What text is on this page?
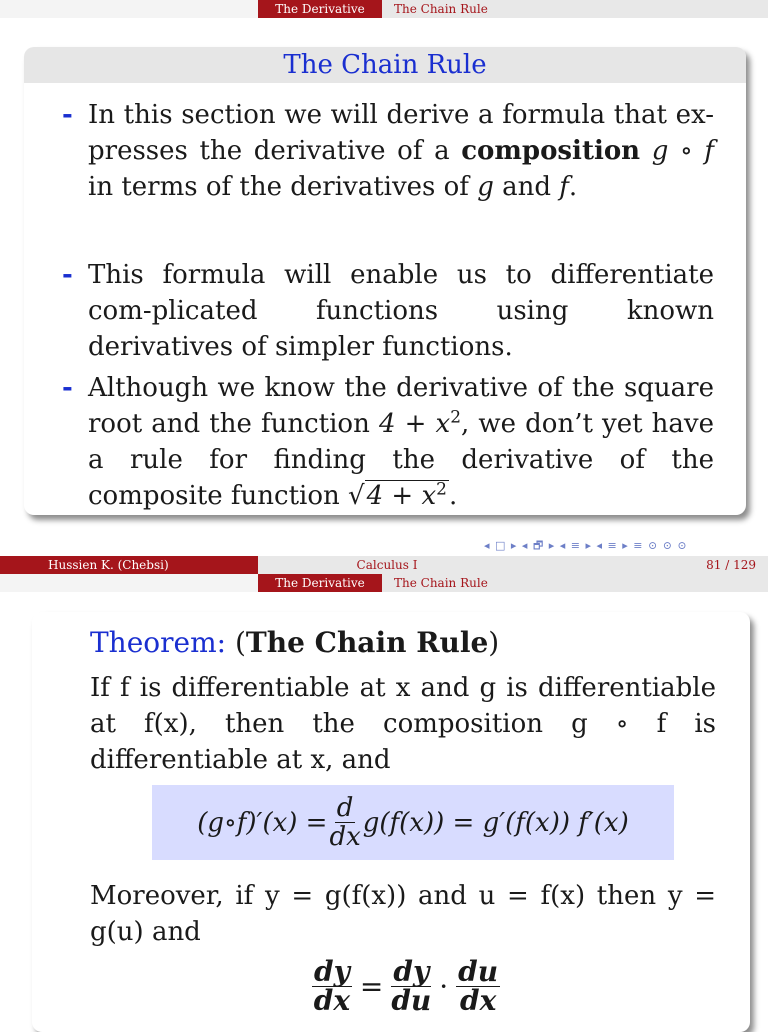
The Derivative	The Chain Rule
The Chain Rule
- In this section we will derive a formula that ex-presses the derivative of a composition g ∘ f in terms of the derivatives of g and f.
- This formula will enable us to differentiate com-plicated functions using known derivatives of simpler functions.
- Although we know the derivative of the square root and the function $4 + x^2$, we don’t yet have a rule for finding the derivative of the composite function $√4 + x^2$.
◂ □ ▸ ◂ 🗗 ▸ ◂ ≡ ▸ ◂ ≡ ▸ ≡ ⊙ ⊙ ⊙
Hussien K. (Chebsi)	Calculus I	81 / 129
The Derivative	The Chain Rule
Theorem: (The Chain Rule)
If f is differentiable at x and g is differentiable at f(x), then the composition g ∘ f is differentiable at x, and
(g∘f)′(x) = $\frac{d}{dx} g(f(x)) = g'(f(x))$ f′(x)
Moreover, if y = g(f(x)) and u = f(x) then y = g(u) and
$\frac{dy}{dx} = \frac{dy}{du} \cdot \frac{du}{dx}$
